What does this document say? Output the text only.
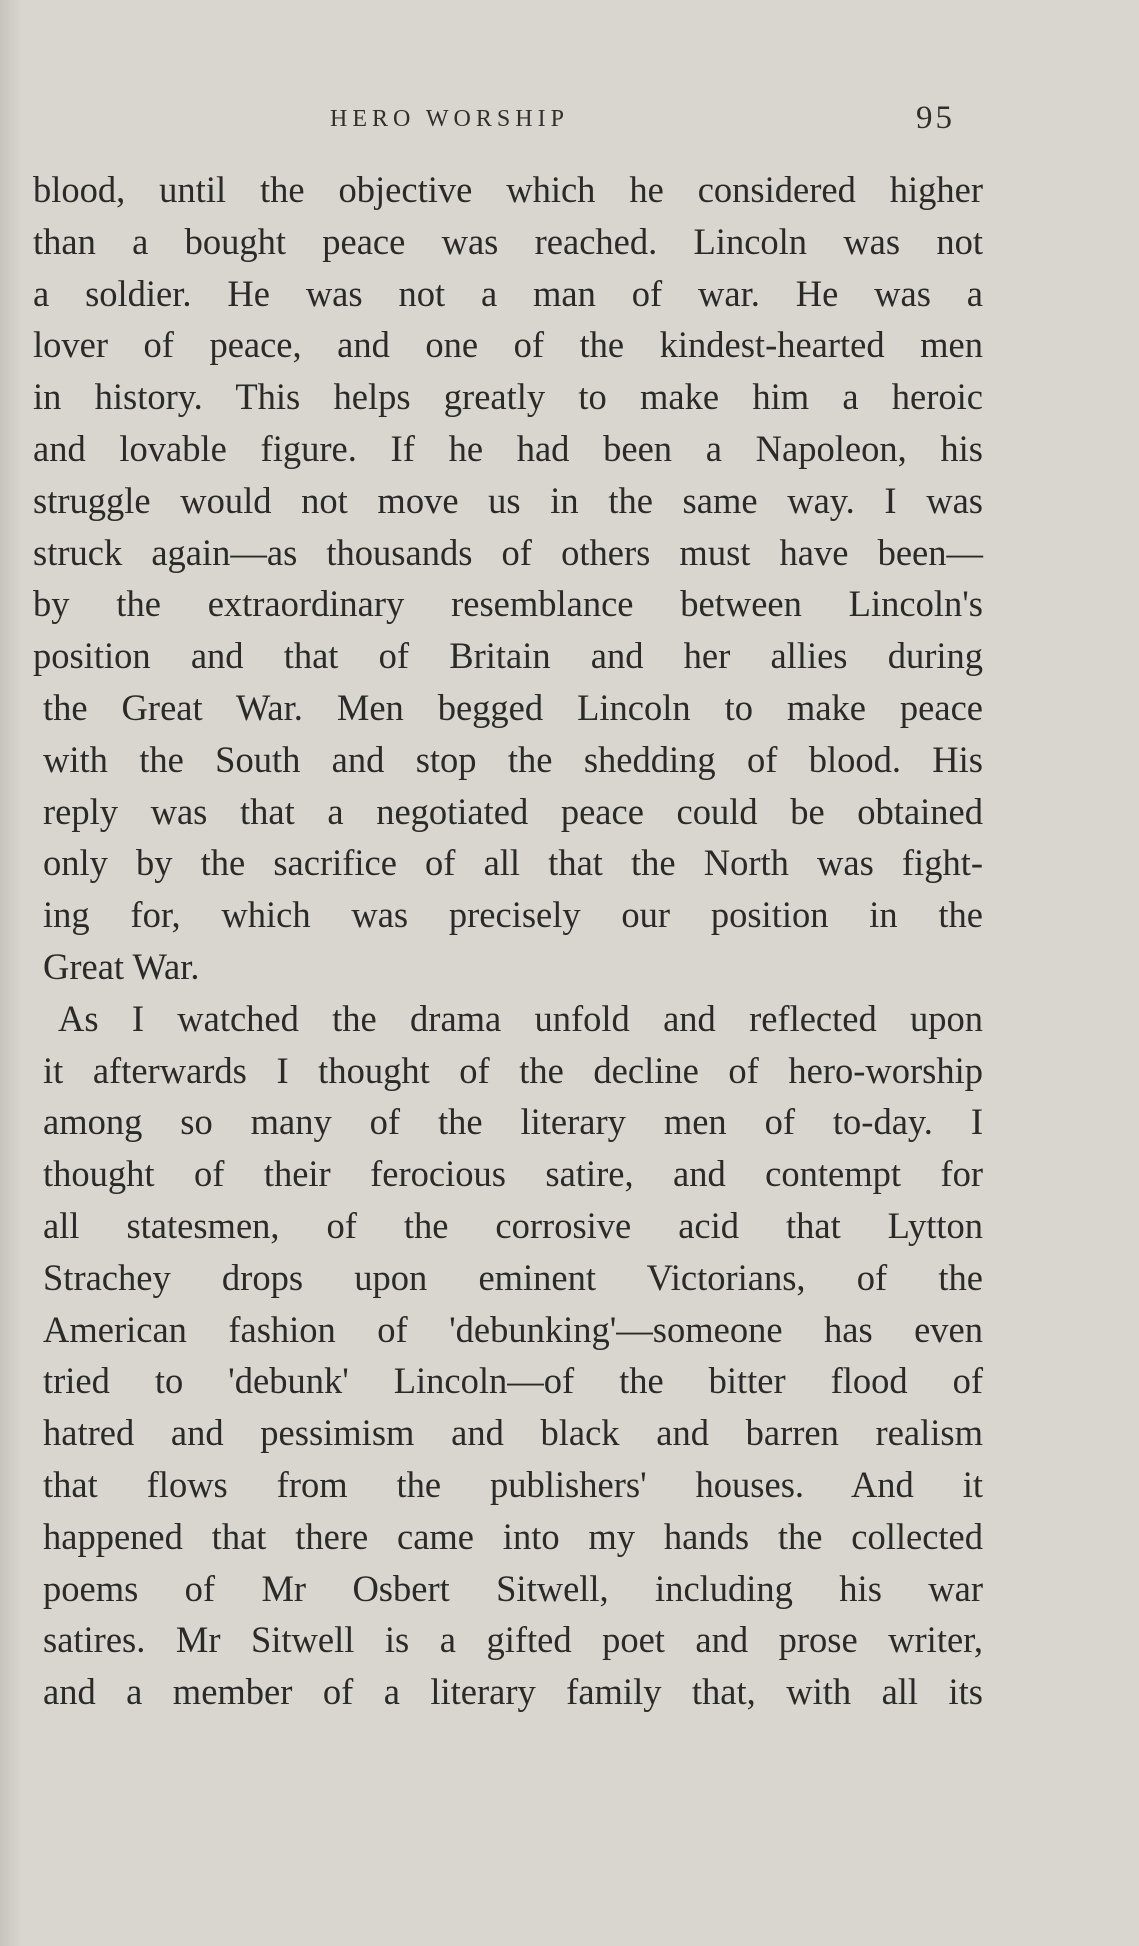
HERO WORSHIP	95
blood, until the objective which he considered higher
than a bought peace was reached. Lincoln was not
a soldier. He was not a man of war. He was a
lover of peace, and one of the kindest-hearted men
in history. This helps greatly to make him a heroic
and lovable figure. If he had been a Napoleon, his
struggle would not move us in the same way. I was
struck again—as thousands of others must have been—
by the extraordinary resemblance between Lincoln's
position and that of Britain and her allies during
the Great War. Men begged Lincoln to make peace
with the South and stop the shedding of blood. His
reply was that a negotiated peace could be obtained
only by the sacrifice of all that the North was fight-
ing for, which was precisely our position in the
Great War.
As I watched the drama unfold and reflected upon
it afterwards I thought of the decline of hero-worship
among so many of the literary men of to-day. I
thought of their ferocious satire, and contempt for
all statesmen, of the corrosive acid that Lytton
Strachey drops upon eminent Victorians, of the
American fashion of 'debunking'—someone has even
tried to 'debunk' Lincoln—of the bitter flood of
hatred and pessimism and black and barren realism
that flows from the publishers' houses. And it
happened that there came into my hands the collected
poems of Mr Osbert Sitwell, including his war
satires. Mr Sitwell is a gifted poet and prose writer,
and a member of a literary family that, with all its
